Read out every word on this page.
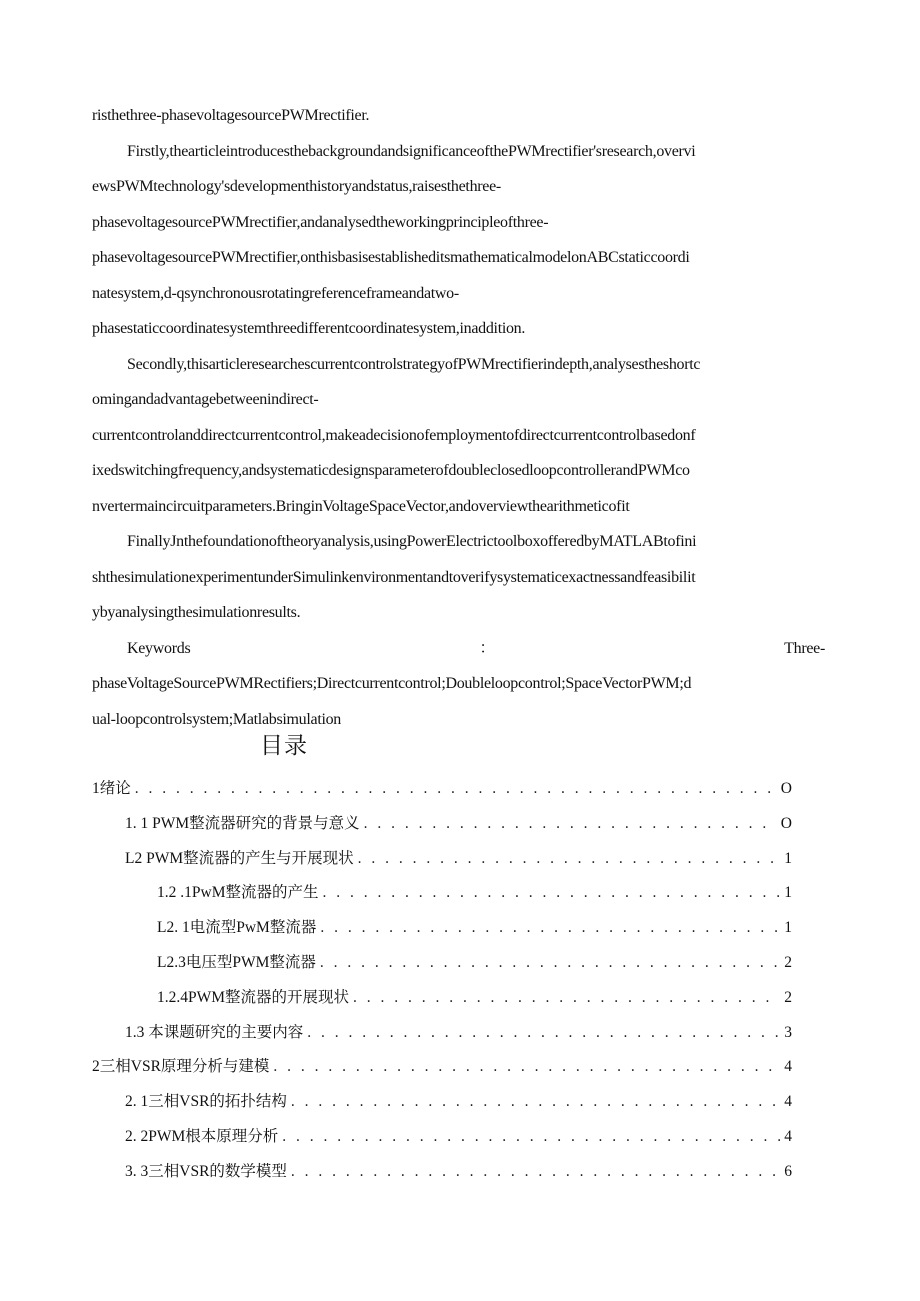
risthethree-phasevoltagesourcePWMrectifier.
Firstly,thearticleintroducesthebackgroundandsignificanceofthePWMrectifier'sresearch,overvi
ewsPWMtechnology'sdevelopmenthistoryandstatus,raisesthethree-
phasevoltagesourcePWMrectifier,andanalysedtheworkingprincipleofthree-
phasevoltagesourcePWMrectifier,onthisbasisestablisheditsmathematicalmodelonABCstaticcoordi
natesystem,d-qsynchronousrotatingreferenceframeandatwo-
phasestaticcoordinatesystemthreedifferentcoordinatesystem,inaddition.
Secondly,thisarticleresearchescurrentcontrolstrategyofPWMrectifierindepth,analysestheshortc
omingandadvantagebetweenindirect-
currentcontrolanddirectcurrentcontrol,makeadecisionofemploymentofdirectcurrentcontrolbasedonf
ixedswitchingfrequency,andsystematicdesignsparameterofdoubleclosedloopcontrollerandPWMco
nvertermaincircuitparameters.BringinVoltageSpaceVector,andoverviewthearithmeticofit
FinallyJnthefoundationoftheoryanalysis,usingPowerElectrictoolboxofferedbyMATLABtofini
shthesimulationexperimentunderSimulinkenvironmentandtoverifysystematicexactnessandfeasibilit
ybyanalysingthesimulationresults.
Keywords	：	Three-
phaseVoltageSourcePWMRectifiers;Directcurrentcontrol;Doubleloopcontrol;SpaceVectorPWM;d
ual-loopcontrolsystem;Matlabsimulation
目录
1绪论 . . .	O
1. 1 PWM整流器研究的背景与意义 . . .	O
L2 PWM整流器的产生与开展现状 . . .	1
1.2 .1PwM整流器的产生 . . .	1
L2. 1电流型PwM整流器 . . .	1
L2.3电压型PWM整流器 . . .	2
1.2.4PWM整流器的开展现状 . . .	2
1.3 本课题研究的主要内容 . . .	3
2三相VSR原理分析与建模 . . .	4
2. 1三相VSR的拓扑结构 . . .	4
2. 2PWM根本原理分析 . . .	4
3. 3三相VSR的数学模型 . . .	6
